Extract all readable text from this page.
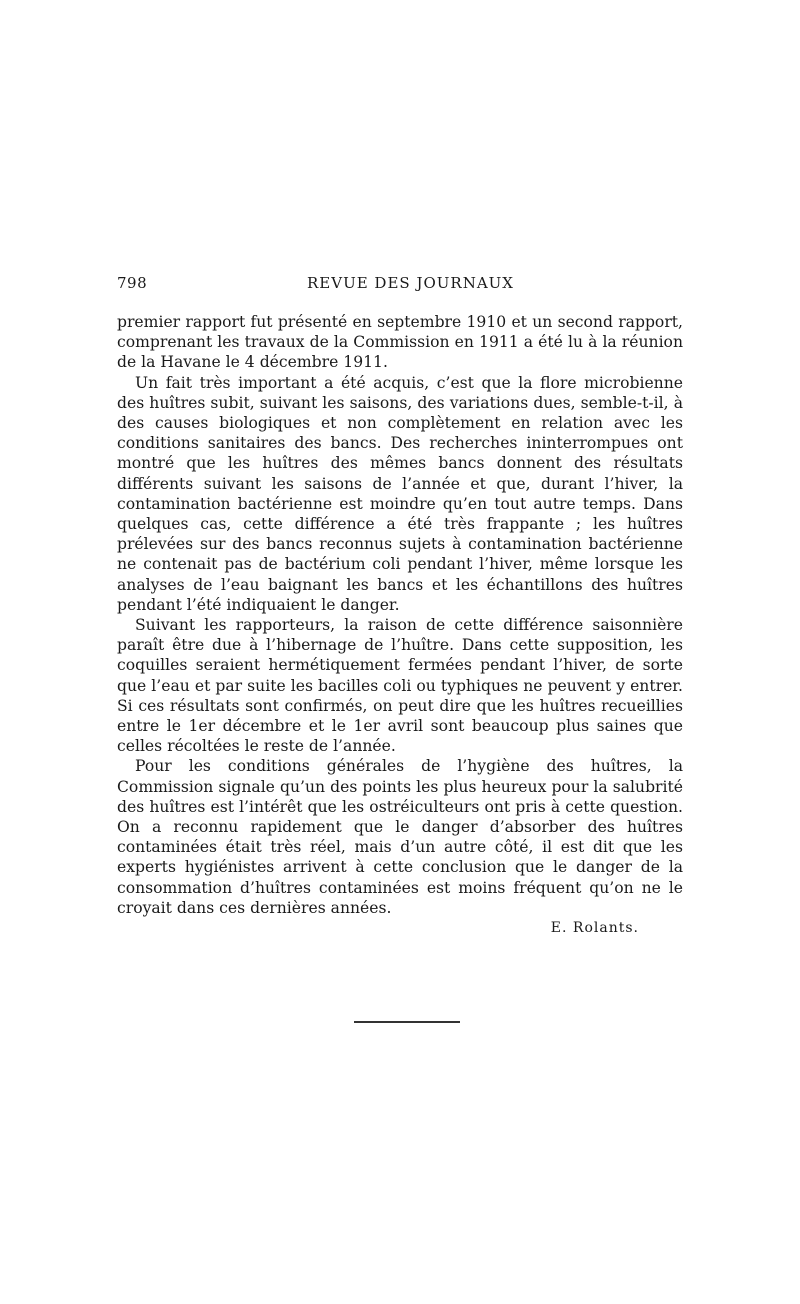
798	REVUE DES JOURNAUX

premier rapport fut présenté en septembre 1910 et un second rapport, comprenant les travaux de la Commission en 1911 a été lu à la réunion de la Havane le 4 décembre 1911.

Un fait très important a été acquis, c’est que la flore microbienne des huîtres subit, suivant les saisons, des variations dues, semble-t-il, à des causes biologiques et non complètement en relation avec les conditions sanitaires des bancs. Des recherches ininterrompues ont montré que les huîtres des mêmes bancs donnent des résultats différents suivant les saisons de l’année et que, durant l’hiver, la contamination bactérienne est moindre qu’en tout autre temps. Dans quelques cas, cette différence a été très frappante ; les huîtres prélevées sur des bancs reconnus sujets à contamination bactérienne ne contenait pas de bactérium coli pendant l’hiver, même lorsque les analyses de l’eau baignant les bancs et les échantillons des huîtres pendant l’été indiquaient le danger.

Suivant les rapporteurs, la raison de cette différence saisonnière paraît être due à l’hibernage de l’huître. Dans cette supposition, les coquilles seraient hermétiquement fermées pendant l’hiver, de sorte que l’eau et par suite les bacilles coli ou typhiques ne peuvent y entrer. Si ces résultats sont confirmés, on peut dire que les huîtres recueillies entre le 1er décembre et le 1er avril sont beaucoup plus saines que celles récoltées le reste de l’année.

Pour les conditions générales de l’hygiène des huîtres, la Commission signale qu’un des points les plus heureux pour la salubrité des huîtres est l’intérêt que les ostréiculteurs ont pris à cette question. On a reconnu rapidement que le danger d’absorber des huîtres contaminées était très réel, mais d’un autre côté, il est dit que les experts hygiénistes arrivent à cette conclusion que le danger de la consommation d’huîtres contaminées est moins fréquent qu’on ne le croyait dans ces dernières années.

E. Rolants.
